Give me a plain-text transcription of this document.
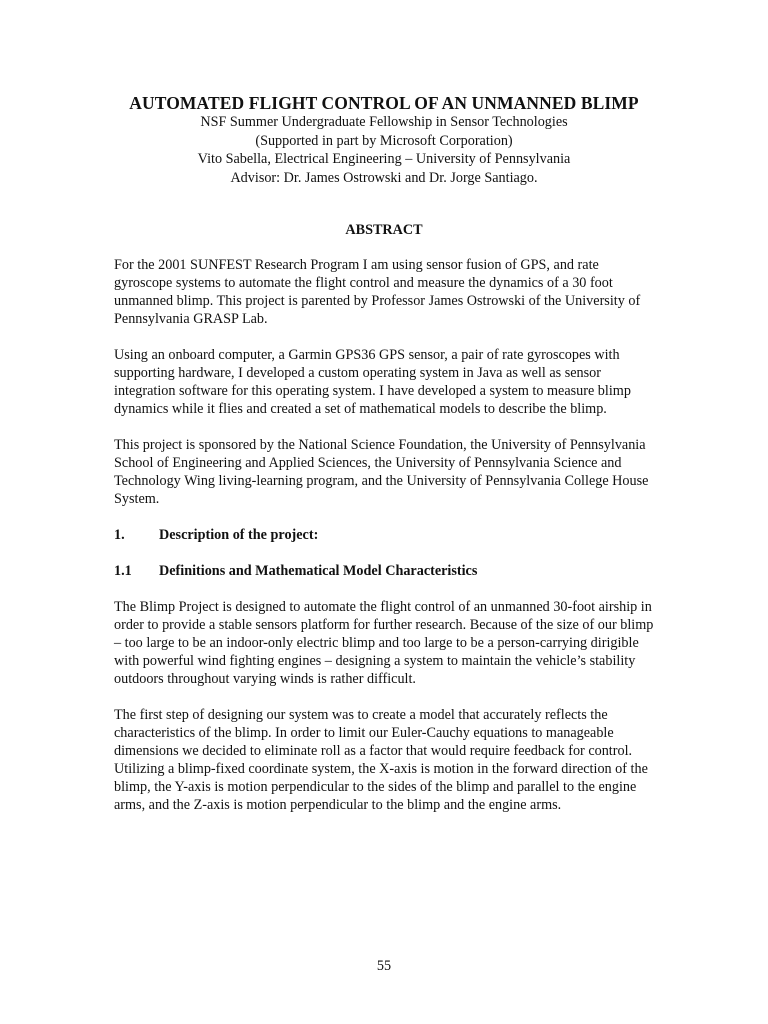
AUTOMATED FLIGHT CONTROL OF AN UNMANNED BLIMP

NSF Summer Undergraduate Fellowship in Sensor Technologies

(Supported in part by Microsoft Corporation)

Vito Sabella, Electrical Engineering – University of Pennsylvania

Advisor: Dr. James Ostrowski and Dr. Jorge Santiago.

ABSTRACT

For the 2001 SUNFEST Research Program I am using sensor fusion of GPS, and rate gyroscope systems to automate the flight control and measure the dynamics of a 30 foot unmanned blimp. This project is parented by Professor James Ostrowski of the University of Pennsylvania GRASP Lab.

Using an onboard computer, a Garmin GPS36 GPS sensor, a pair of rate gyroscopes with supporting hardware, I developed a custom operating system in Java as well as sensor integration software for this operating system. I have developed a system to measure blimp dynamics while it flies and created a set of mathematical models to describe the blimp.

This project is sponsored by the National Science Foundation, the University of Pennsylvania School of Engineering and Applied Sciences, the University of Pennsylvania Science and Technology Wing living-learning program, and the University of Pennsylvania College House System.

1.	Description of the project:
1.1	Definitions and Mathematical Model Characteristics

The Blimp Project is designed to automate the flight control of an unmanned 30-foot airship in order to provide a stable sensors platform for further research. Because of the size of our blimp – too large to be an indoor-only electric blimp and too large to be a person-carrying dirigible with powerful wind fighting engines – designing a system to maintain the vehicle’s stability outdoors throughout varying winds is rather difficult.

The first step of designing our system was to create a model that accurately reflects the characteristics of the blimp. In order to limit our Euler-Cauchy equations to manageable dimensions we decided to eliminate roll as a factor that would require feedback for control. Utilizing a blimp-fixed coordinate system, the X-axis is motion in the forward direction of the blimp, the Y-axis is motion perpendicular to the sides of the blimp and parallel to the engine arms, and the Z-axis is motion perpendicular to the blimp and the engine arms.

55
